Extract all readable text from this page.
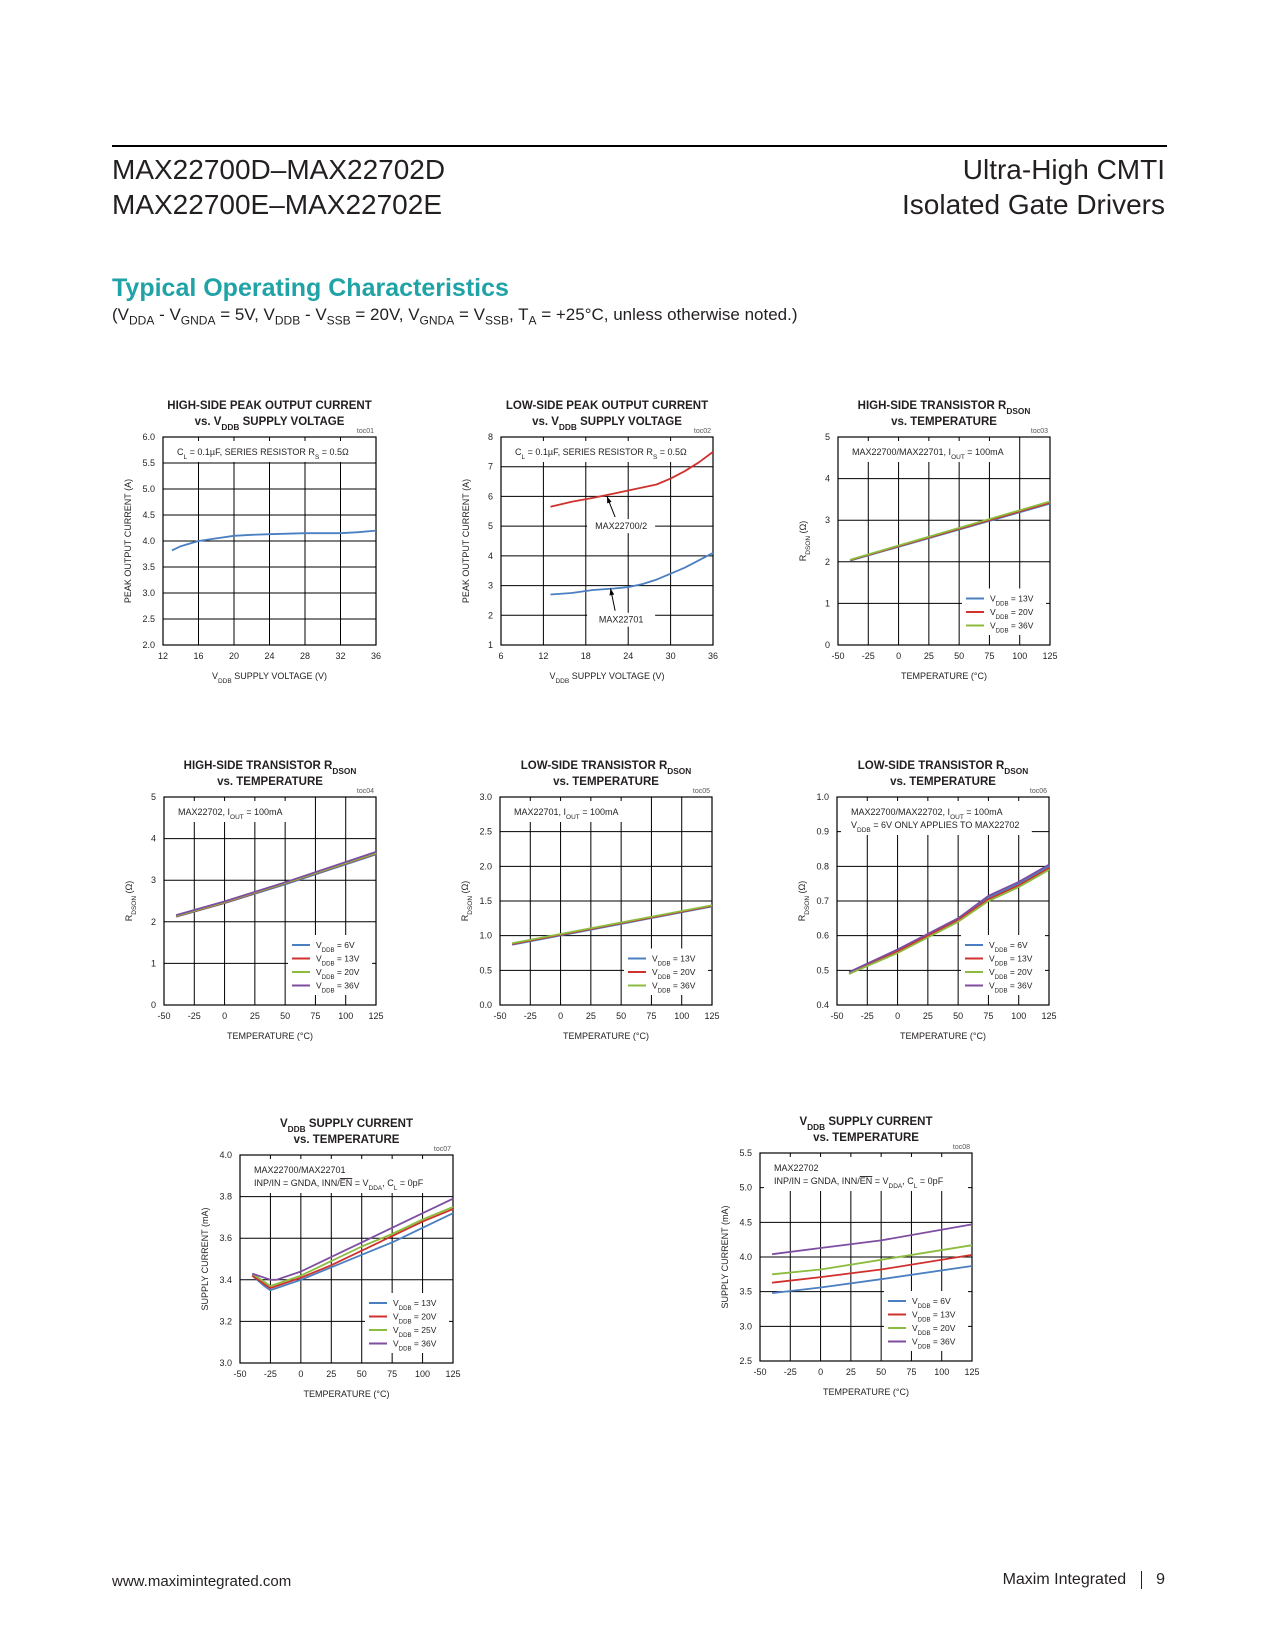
MAX22700D–MAX22702D
MAX22700E–MAX22702E
Ultra-High CMTI
Isolated Gate Drivers
Typical Operating Characteristics
($V_{DDA} - V_{GNDA} = 5V$, $V_{DDB} - V_{SSB} = 20V$, $V_{GNDA} = V_{SSB}$, $T_A = +25^\circ C$, unless otherwise noted.)
HIGH-SIDE PEAK OUTPUT CURRENT
vs. $V_{DDB}$ SUPPLY VOLTAGE
toc01
12	16	20	24	28	32	36
2.0
2.5
3.0
3.5
4.0
4.5
5.0
5.5
6.0
$V_{DDB}$ SUPPLY VOLTAGE (V)
PEAK OUTPUT CURRENT (A)
$C_L = 0.1\mu F$, SERIES RESISTOR $R_S = 0.5\Omega$
LOW-SIDE PEAK OUTPUT CURRENT
vs. $V_{DDB}$ SUPPLY VOLTAGE
toc02
6	12	18	24	30	36
1
2
3
4
5
6
7
8
$V_{DDB}$ SUPPLY VOLTAGE (V)
PEAK OUTPUT CURRENT (A)
$C_L = 0.1\mu F$, SERIES RESISTOR $R_S = 0.5\Omega$
MAX22700/2
MAX22701
HIGH-SIDE TRANSISTOR $R_{DSON}$
vs. TEMPERATURE
toc03
-50 -25 0	25 50 75 100 125
0
1
2
3
4
5
TEMPERATURE (°C)
$R_{DSON}$ (Ω)
MAX22700/MAX22701, $I_{OUT} = 100mA$
$V_{DDB} = 13V$
$V_{DDB} = 20V$
$V_{DDB} = 36V$
HIGH-SIDE TRANSISTOR $R_{DSON}$
vs. TEMPERATURE
toc04
-50 -25 0	25 50 75 100 125
0
1
2
3
4
5
TEMPERATURE (°C)
$R_{DSON}$ (Ω)
MAX22702, $I_{OUT} = 100mA$
$V_{DDB} = 6V$
$V_{DDB} = 13V$
$V_{DDB} = 20V$
$V_{DDB} = 36V$
LOW-SIDE TRANSISTOR $R_{DSON}$
vs. TEMPERATURE
toc05
-50 -25 0	25 50 75 100 125
0.0
0.5
1.0
1.5
2.0
2.5
3.0
TEMPERATURE (°C)
$R_{DSON}$ (Ω)
MAX22701, $I_{OUT} = 100mA$
$V_{DDB} = 13V$
$V_{DDB} = 20V$
$V_{DDB} = 36V$
LOW-SIDE TRANSISTOR $R_{DSON}$
vs. TEMPERATURE
toc06
-50 -25 0	25 50 75 100 125
0.4
0.5
0.6
0.7
0.8
0.9
1.0
TEMPERATURE (°C)
$R_{DSON}$ (Ω)
MAX22700/MAX22702, $I_{OUT} = 100mA$
$V_{DDB} = 6V$ ONLY APPLIES TO MAX22702
$V_{DDB} = 6V$
$V_{DDB} = 13V$
$V_{DDB} = 20V$
$V_{DDB} = 36V$
$V_{DDB}$ SUPPLY CURRENT
vs. TEMPERATURE
toc07
-50 -25 0	25 50 75 100 125
3.0
3.2
3.4
3.6
3.8
4.0
TEMPERATURE (°C)
SUPPLY CURRENT (mA)
MAX22700/MAX22701
INP/IN = GNDA, $INN/EN = V_{DDA}$, $C_L = 0pF$
$V_{DDB} = 13V$
$V_{DDB} = 20V$
$V_{DDB} = 25V$
$V_{DDB} = 36V$
$V_{DDB}$ SUPPLY CURRENT
vs. TEMPERATURE
toc08
-50 -25 0	25 50 75 100 125
2.5
3.0
3.5
4.0
4.5
5.0
5.5
TEMPERATURE (°C)
SUPPLY CURRENT (mA)
MAX22702
INP/IN = GNDA, $INN/EN = V_{DDA}$, $C_L = 0pF$
$V_{DDB} = 6V$
$V_{DDB} = 13V$
$V_{DDB} = 20V$
$V_{DDB} = 36V$
www.maximintegrated.com	Maxim Integrated 9
